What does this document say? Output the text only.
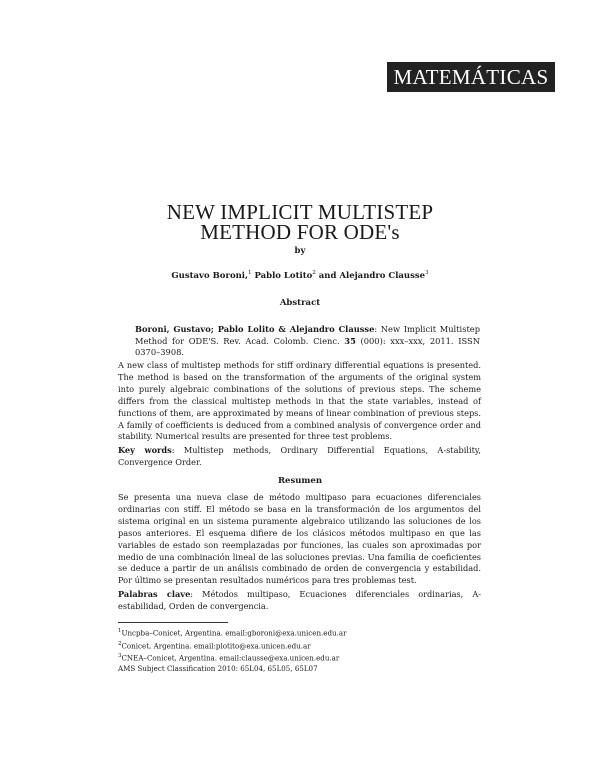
MATEMÁTICAS
NEW IMPLICIT MULTISTEP
METHOD FOR ODE's
by
Gustavo Boroni,$^1$ Pablo Lotito$^2$ and Alejandro Clausse$^3$
Abstract
Boroni, Gustavo; Pablo Lolito & Alejandro Clausse: New Implicit Multistep Method for ODE'S. Rev. Acad. Colomb. Cienc. 35 (000): xxx–xxx, 2011. ISSN 0370–3908.
A new class of multistep methods for stiff ordinary differential equations is presented. The method is based on the transformation of the arguments of the original system into purely algebraic combinations of the solutions of previous steps. The scheme differs from the classical multistep methods in that the state variables, instead of functions of them, are approximated by means of linear combination of previous steps. A family of coefficients is deduced from a combined analysis of convergence order and stability. Numerical results are presented for three test problems.
Key words: Multistep methods, Ordinary Differential Equations, A-stability, Convergence Order.
Resumen
Se presenta una nueva clase de método multipaso para ecuaciones diferenciales ordinarias con stiff. El método se basa en la transformación de los argumentos del sistema original en un sistema puramente algebraico utilizando las soluciones de los pasos anteriores. El esquema difiere de los clásicos métodos multipaso en que las variables de estado son reemplazadas por funciones, las cuales son aproximadas por medio de una combinación lineal de las soluciones previas. Una familia de coeficientes se deduce a partir de un análisis combinado de orden de convergencia y estabilidad. Por último se presentan resultados numéricos para tres problemas test.
Palabras clave: Métodos multipaso, Ecuaciones diferenciales ordinarias, A-estabilidad, Orden de convergencia.
$^1$Uncpba–Conicet, Argentina. email:gboroni@exa.unicen.edu.ar
$^2$Conicet, Argentina. email:plotito@exa.unicen.edu.ar
$^3$CNEA–Conicet, Argentina. email:clausse@exa.unicen.edu.ar
AMS Subject Classification 2010: 65L04, 65L05, 65L07
